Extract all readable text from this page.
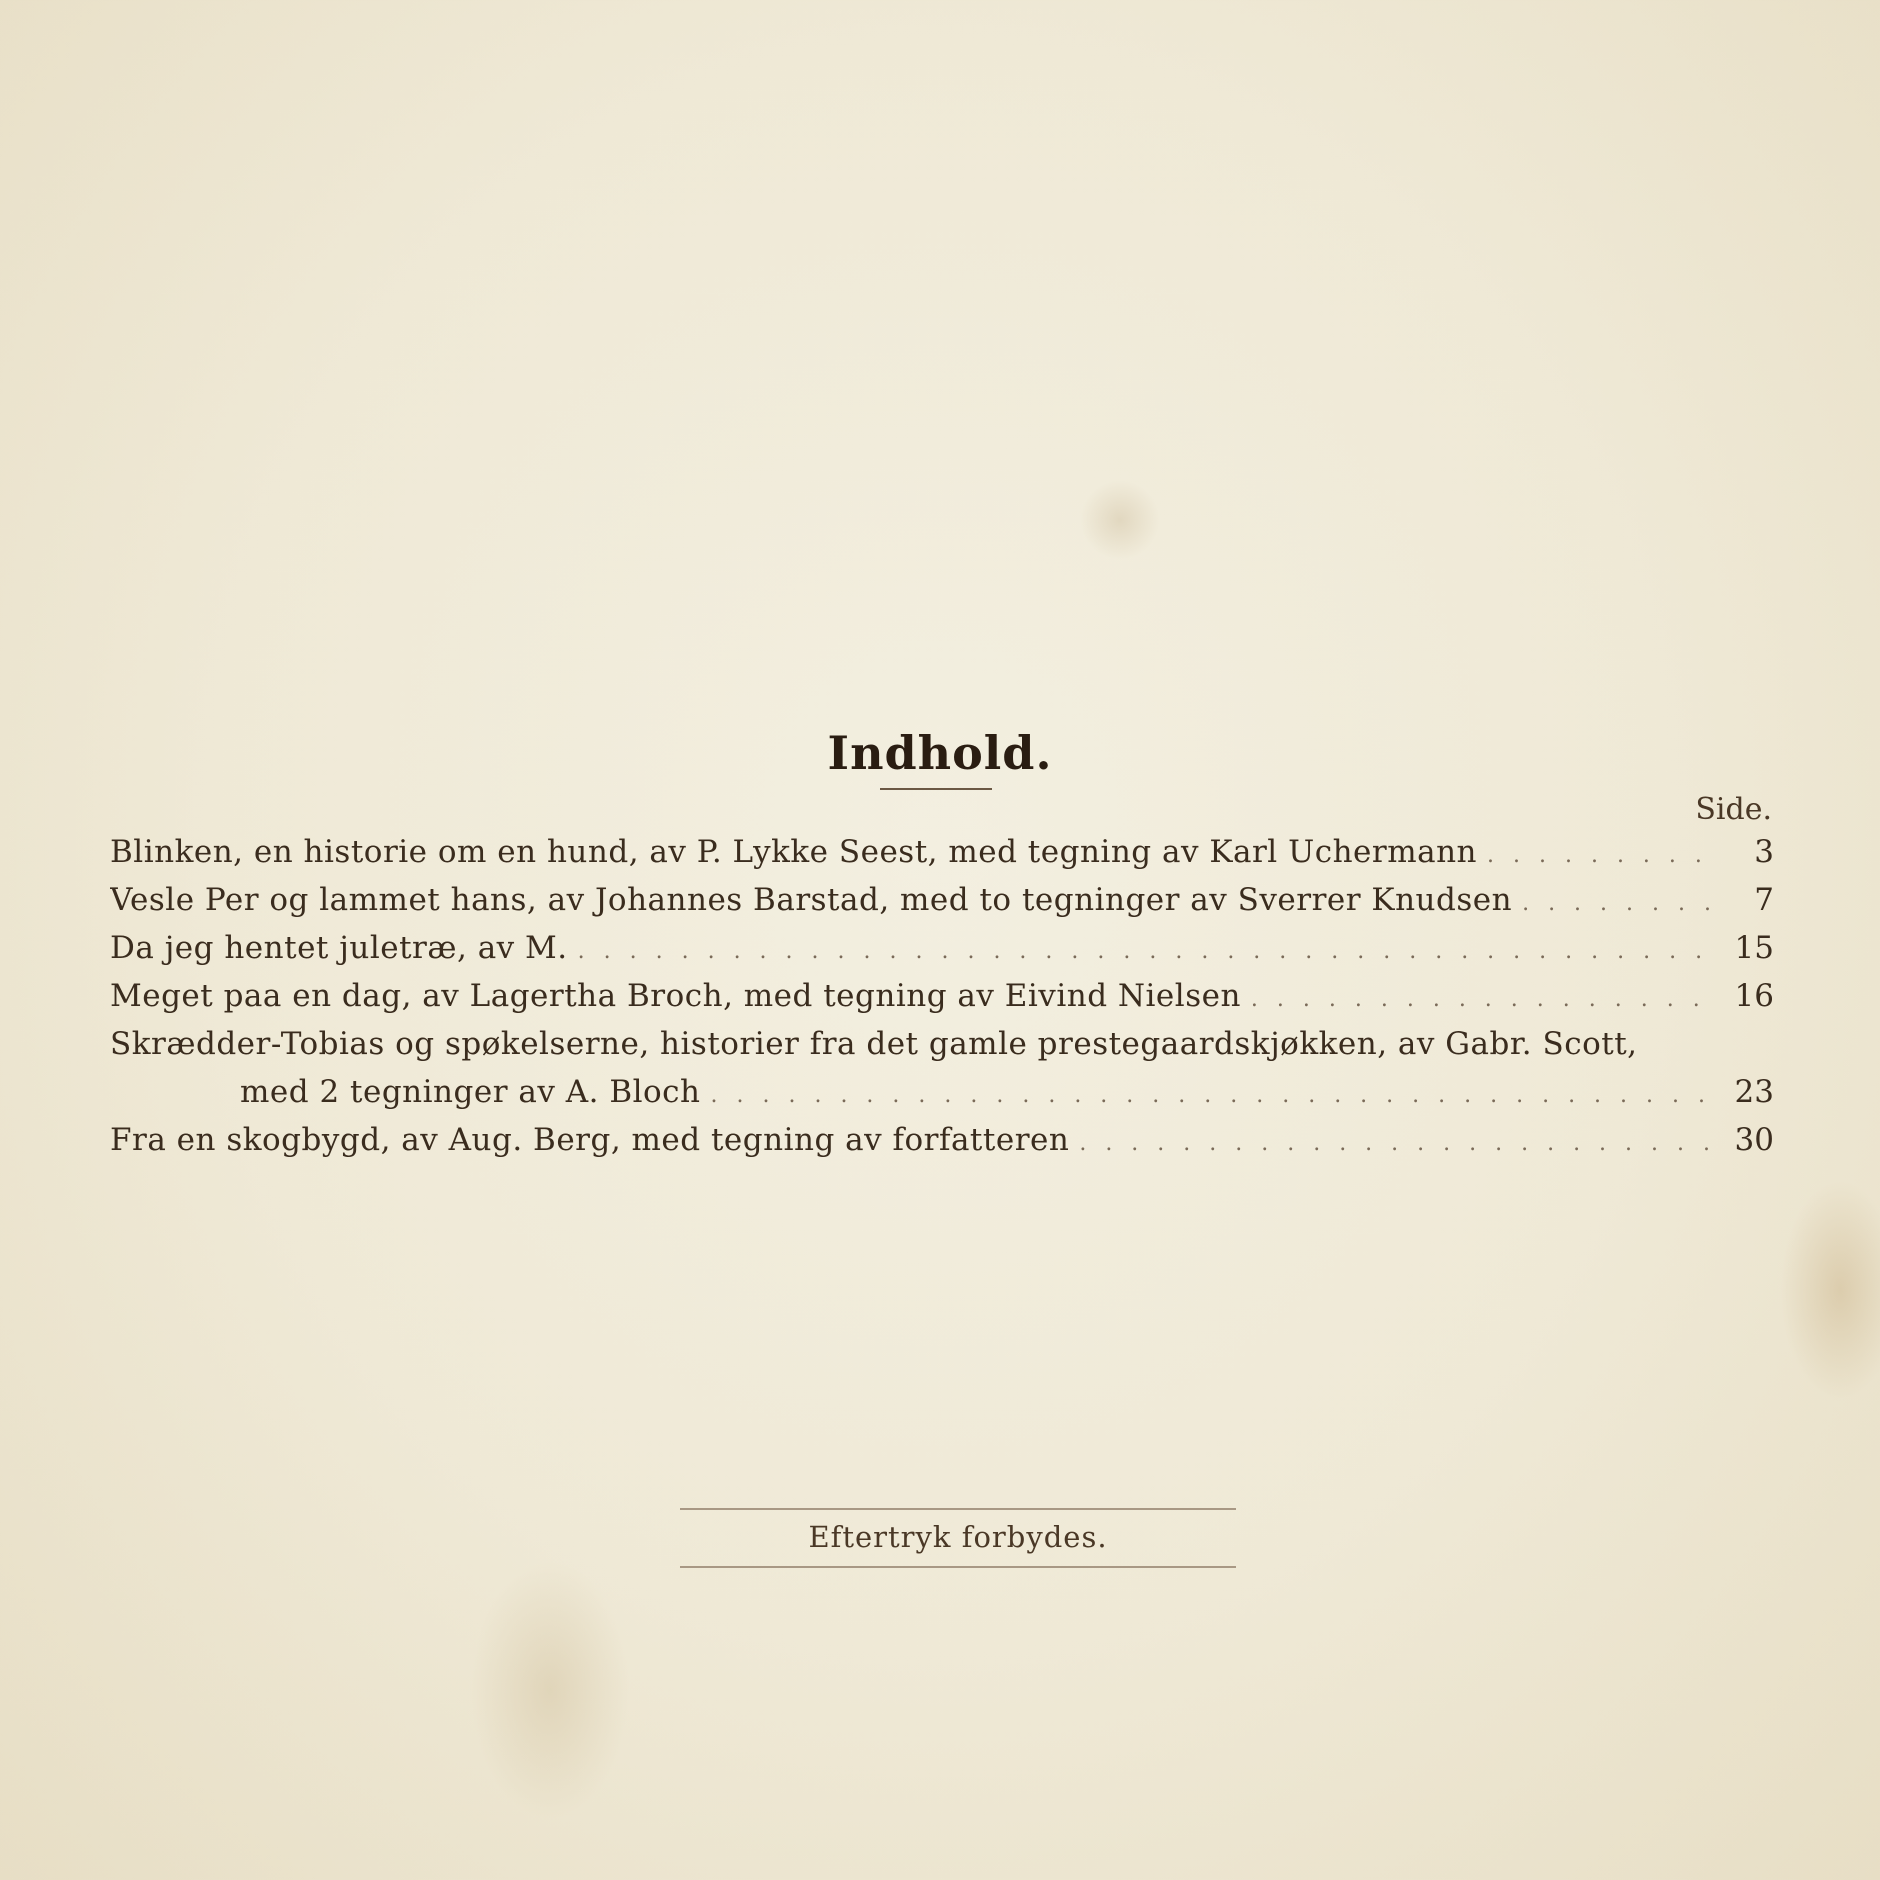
Indhold.
Side.
Blinken, en historie om en hund, av P. Lykke Seest, med tegning av Karl Uchermann . . .	3
Vesle Per og lammet hans, av Johannes Barstad, med to tegninger av Sverrer Knudsen . . .	7
Da jeg hentet juletræ, av M. . . .	15
Meget paa en dag, av Lagertha Broch, med tegning av Eivind Nielsen . . .	16
Skrædder-Tobias og spøkelserne, historier fra det gamle prestegaardskjøkken, av Gabr. Scott,
med 2 tegninger av A. Bloch . . .	23
Fra en skogbygd, av Aug. Berg, med tegning av forfatteren . . .	30
Eftertryk forbydes.
